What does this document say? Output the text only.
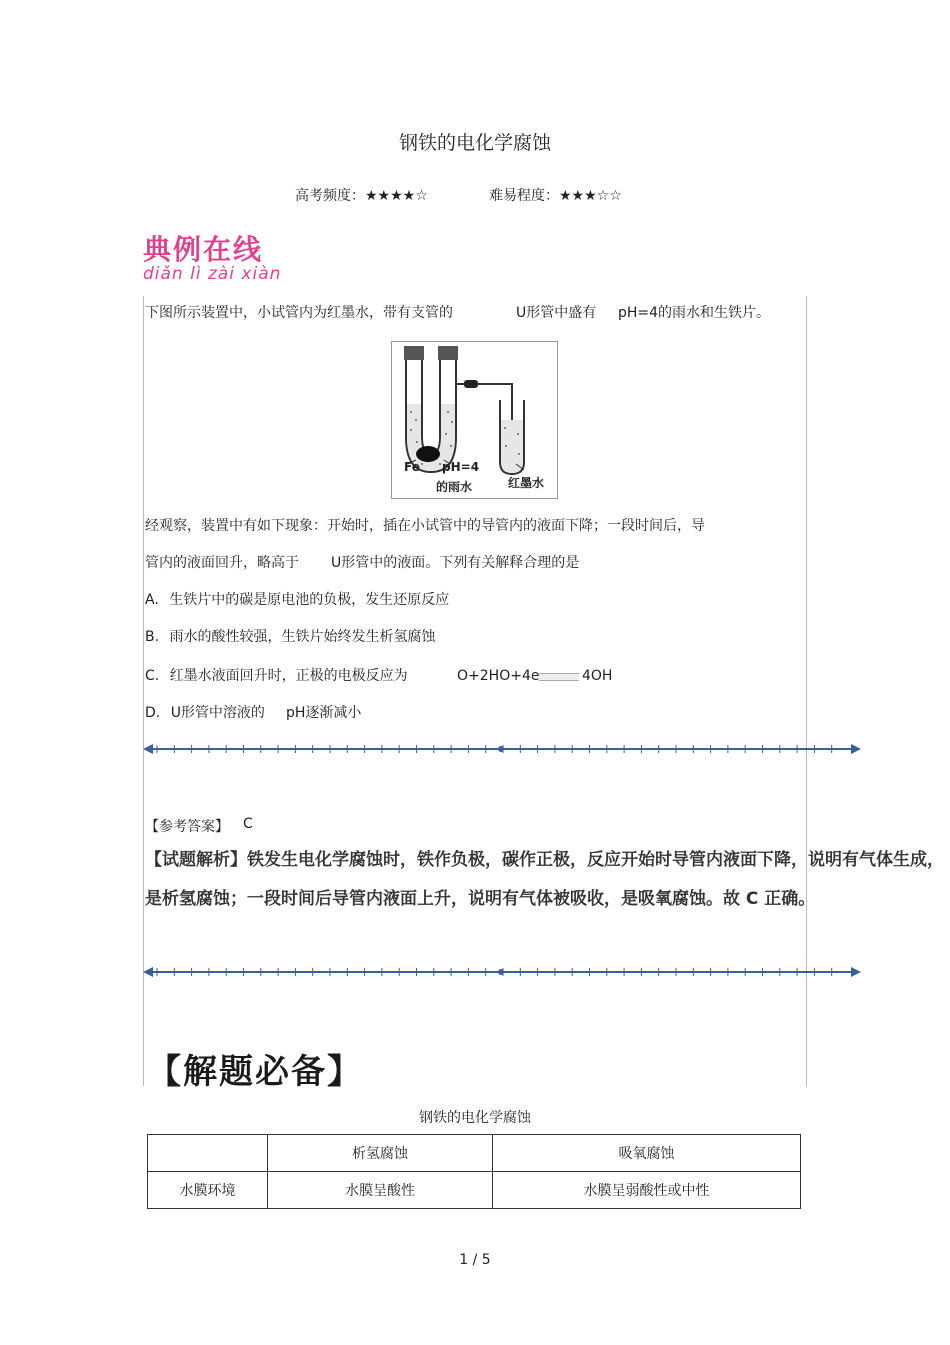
钢铁的电化学腐蚀
高考频度：★★★★☆	难易程度：★★★☆☆
典例在线
diǎn lì zài xiàn
下图所示装置中，小试管内为红墨水，带有支管的	U形管中盛有 pH=4的雨水和生铁片。
Fe pH=4
的雨水	红墨水
经观察，装置中有如下现象：开始时，插在小试管中的导管内的液面下降；一段时间后，导
管内的液面回升，略高于 U形管中的液面。下列有关解释合理的是
A. 生铁片中的碳是原电池的负极，发生还原反应
B. 雨水的酸性较强，生铁片始终发生析氢腐蚀
C. 红墨水液面回升时，正极的电极反应为	O+2HO+4e	4OH
D. U形管中溶液的 pH逐渐减小
【参考答案】 C
【试题解析】铁发生电化学腐蚀时，铁作负极，碳作正极，反应开始时导管内液面下降，说明有气体生成，
是析氢腐蚀；一段时间后导管内液面上升，说明有气体被吸收，是吸氧腐蚀。故 C 正确。
【解题必备】
钢铁的电化学腐蚀
	析氢腐蚀	吸氧腐蚀
水膜环境	水膜呈酸性	水膜呈弱酸性或中性
1 / 5
